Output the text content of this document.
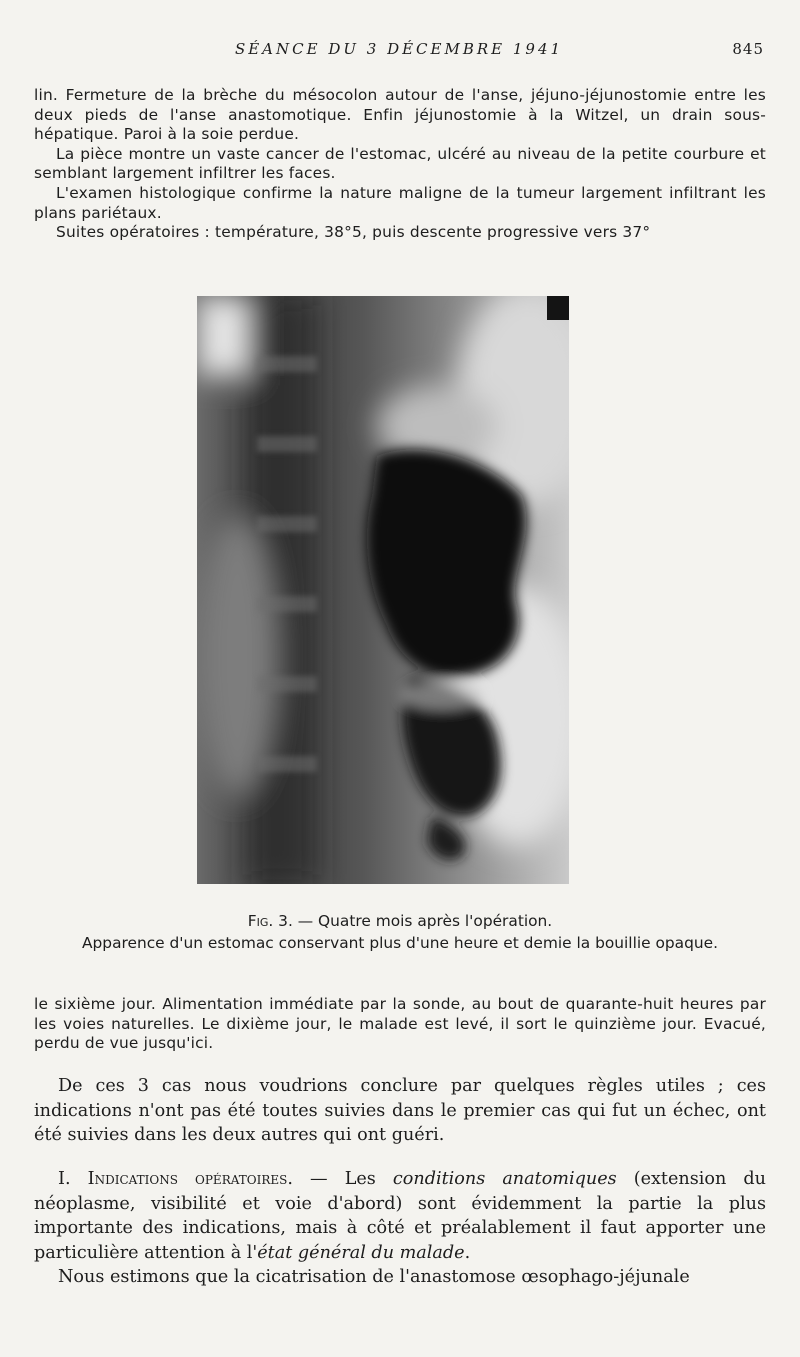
SÉANCE DU 3 DÉCEMBRE 1941	845

lin. Fermeture de la brèche du mésocolon autour de l'anse, jéjuno-jéjunostomie entre les deux pieds de l'anse anastomotique. Enfin jéjunostomie à la Witzel, un drain sous-hépatique. Paroi à la soie perdue.

La pièce montre un vaste cancer de l'estomac, ulcéré au niveau de la petite courbure et semblant largement infiltrer les faces.

L'examen histologique confirme la nature maligne de la tumeur largement infiltrant les plans pariétaux.

Suites opératoires : température, 38°5, puis descente progressive vers 37°

Fig. 3. — Quatre mois après l'opération.
Apparence d'un estomac conservant plus d'une heure et demie la bouillie opaque.

le sixième jour. Alimentation immédiate par la sonde, au bout de quarante-huit heures par les voies naturelles. Le dixième jour, le malade est levé, il sort le quinzième jour. Evacué, perdu de vue jusqu'ici.

De ces 3 cas nous voudrions conclure par quelques règles utiles ; ces indications n'ont pas été toutes suivies dans le premier cas qui fut un échec, ont été suivies dans les deux autres qui ont guéri.

I. Indications opératoires. — Les conditions anatomiques (extension du néoplasme, visibilité et voie d'abord) sont évidemment la partie la plus importante des indications, mais à côté et préalablement il faut apporter une particulière attention à l'état général du malade.

Nous estimons que la cicatrisation de l'anastomose œsophago-jéjunale
